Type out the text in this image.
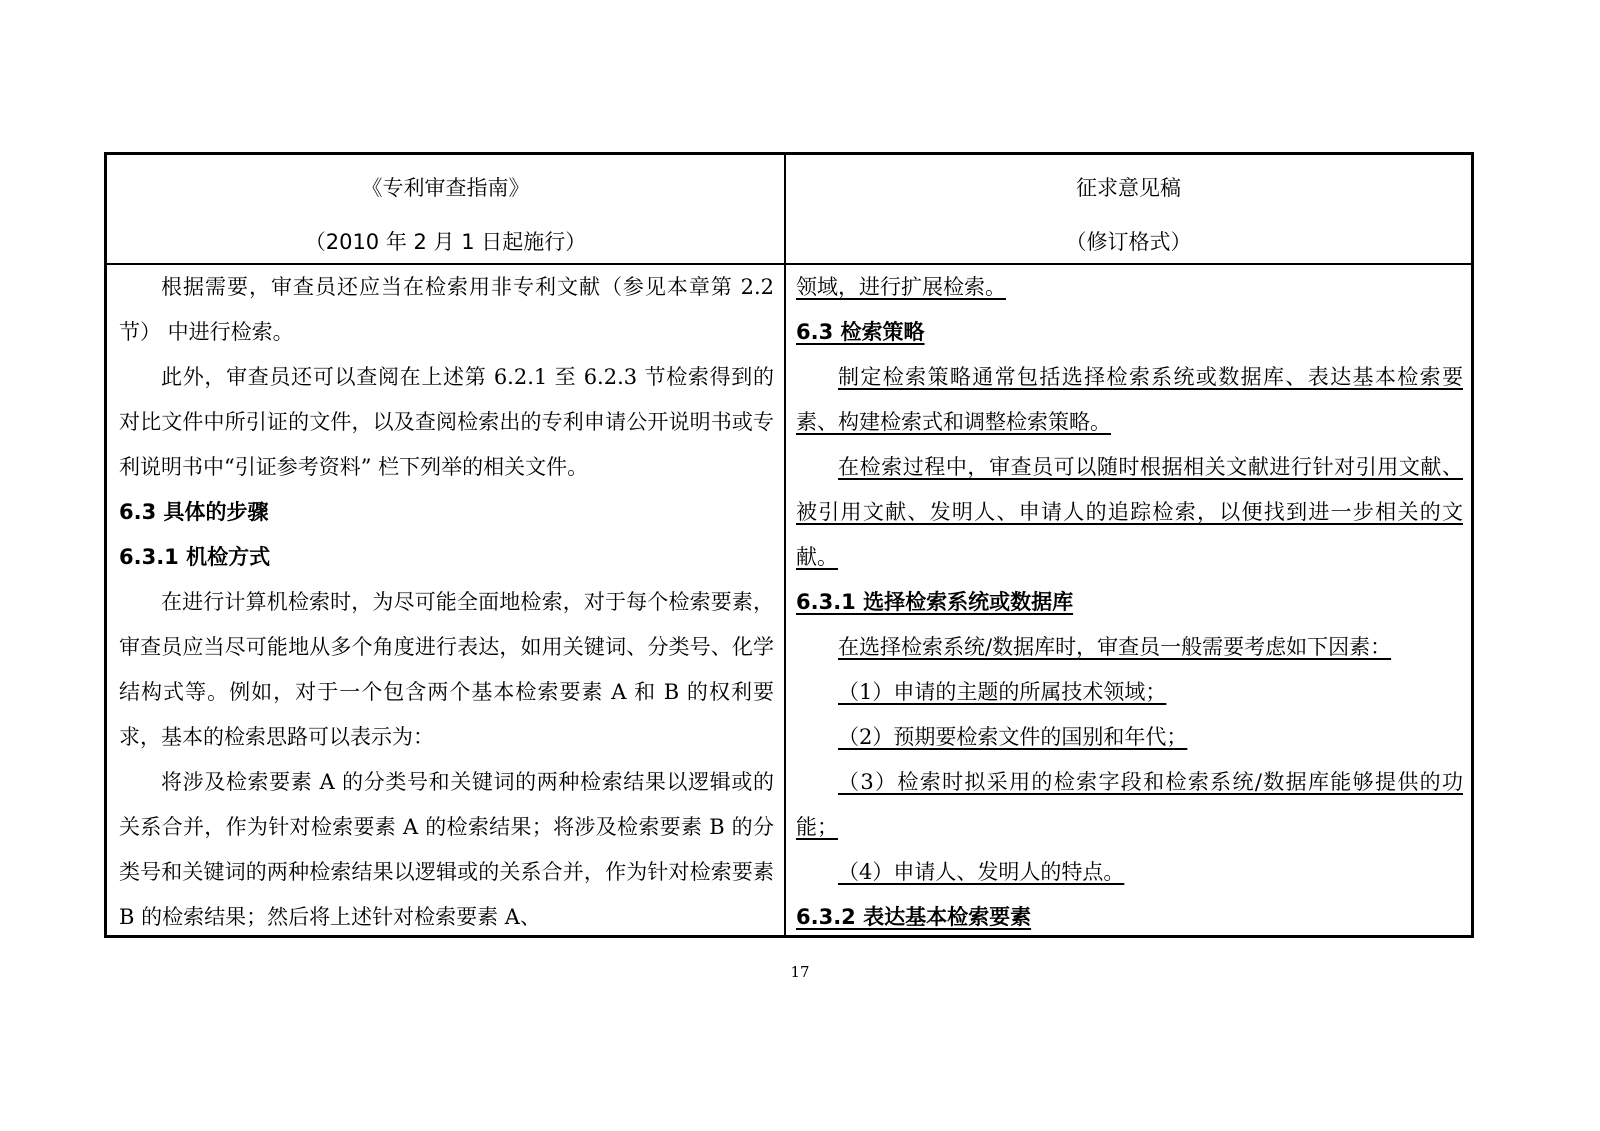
《专利审查指南》
（2010 年 2 月 1 日起施行）
征求意见稿
（修订格式）

根据需要，审查员还应当在检索用非专利文献（参见本章第 2.2 节） 中进行检索。

此外，审查员还可以查阅在上述第 6.2.1 至 6.2.3 节检索得到的对比文件中所引证的文件，以及查阅检索出的专利申请公开说明书或专利说明书中“引证参考资料” 栏下列举的相关文件。

6.3 具体的步骤
6.3.1 机检方式

在进行计算机检索时，为尽可能全面地检索，对于每个检索要素，审查员应当尽可能地从多个角度进行表达，如用关键词、分类号、化学结构式等。例如，对于一个包含两个基本检索要素 A 和 B 的权利要求，基本的检索思路可以表示为：

将涉及检索要素 A 的分类号和关键词的两种检索结果以逻辑或的关系合并，作为针对检索要素 A 的检索结果；将涉及检索要素 B 的分类号和关键词的两种检索结果以逻辑或的关系合并，作为针对检索要素 B 的检索结果；然后将上述针对检索要素 A、

领域，进行扩展检索。

6.3 检索策略

制定检索策略通常包括选择检索系统或数据库、表达基本检索要素、构建检索式和调整检索策略。

在检索过程中，审查员可以随时根据相关文献进行针对引用文献、被引用文献、发明人、申请人的追踪检索，以便找到进一步相关的文献。

6.3.1 选择检索系统或数据库

在选择检索系统/数据库时，审查员一般需要考虑如下因素：

（1）申请的主题的所属技术领域；

（2）预期要检索文件的国别和年代；

（3）检索时拟采用的检索字段和检索系统/数据库能够提供的功能；

（4）申请人、发明人的特点。

6.3.2 表达基本检索要素
17
